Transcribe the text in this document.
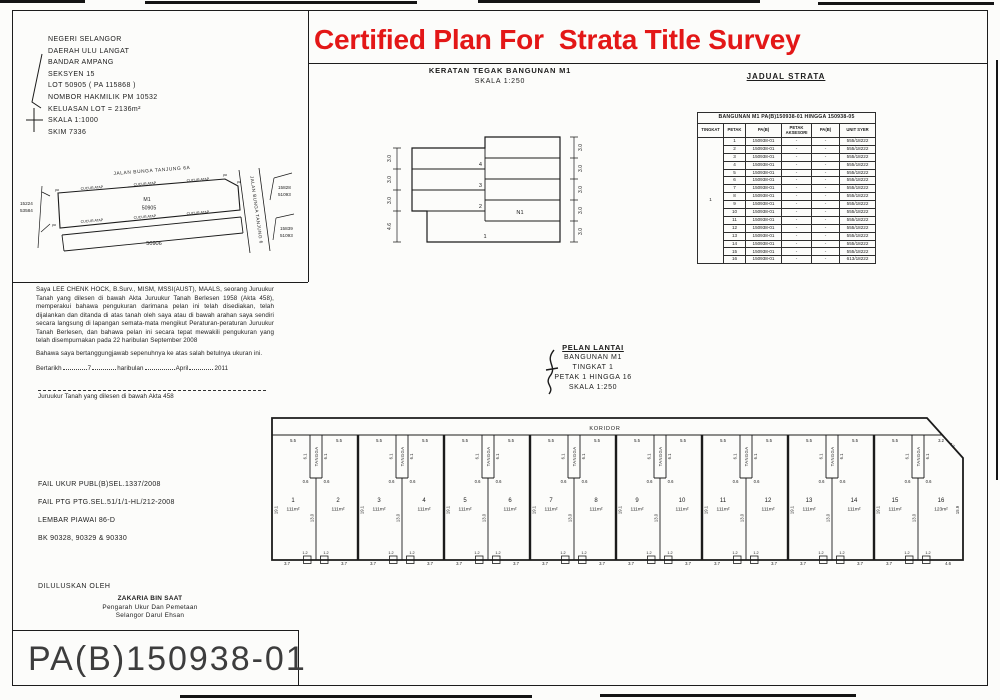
NEGERI SELANGOR
DAERAH ULU LANGAT
BANDAR AMPANG
SEKSYEN 15
LOT 50905 ( PA 115868 )
NOMBOR HAKMILIK PM 10532
KELUASAN LOT = 2136m²
SKALA 1:1000
SKIM 7336
Certified Plan For  Strata Title Survey
JALAN BUNGA TANJUNG 6A
JALAN BUNGA TANJUNG 6
CUCUR ATAP
CUCUR ATAP
CUCUR ATAP
CUCUR ATAP
CUCUR ATAP
CUCUR ATAP
M1
50905
50906
15224
53584
15828
51093
15839
51093
pa
pa
pa
pa
KERATAN TEGAK BANGUNAN M1
SKALA 1:250
3.0
3.0
3.0
4.6
3.0
3.0
3.0
3.0
3.0
4
3
2
1
N1
JADUAL STRATA
BANGUNAN M1 PA(B)150938-01 HINGGA 150938-05					
TINGKAT	PETAK	PA(B)	PETAK AKSESORI	PA(B)	UNIT SYER
1	1	150938-01	-	-	555/18222
	2	150938-01	-	-	555/18222
	3	150938-01	-	-	555/18222
	4	150938-01	-	-	555/18222
	5	150938-01	-	-	555/18222
	6	150938-01	-	-	555/18222
	7	150938-01	-	-	555/18222
	8	150938-01	-	-	555/18222
	9	150938-01	-	-	555/18222
	10	150938-01	-	-	555/18222
	11	150938-01	-	-	555/18222
	12	150938-01	-	-	555/18222
	13	150938-01	-	-	555/18222
	14	150938-01	-	-	555/18222
	15	150938-01	-	-	555/18222
	16	150938-01	-	-	613/18222
Saya LEE CHENK HOCK, B.Surv., MISM, MSSI(AUST), MAALS, seorang Juruukur Tanah yang dilesen di bawah Akta Juruukur Tanah Berlesen 1958 (Akta 458), memperakui bahawa pengukuran darimana pelan ini telah disediakan, telah dijalankan dan ditanda di atas tanah oleh saya atau di bawah arahan saya sendiri secara langsung di lapangan semata-mata mengikut Peraturan-peraturan Juruukur Tanah Berlesen, dan bahawa pelan ini secara tepat mewakili pengukuran yang telah disempurnakan pada 22 haribulan September 2008
Bahawa saya bertanggungjawab sepenuhnya ke atas salah betulnya ukuran ini.
Bertarikh	7	haribulan	April	2011
Juruukur Tanah yang dilesen di bawah Akta 458
PELAN LANTAI
BANGUNAN M1
TINGKAT 1
PETAK 1 HINGGA 16
SKALA 1:250
KORIDOR
TANGGA
6.1	6.1
0.6	0.6
13.0
5.5	5.5
19.1
1
111m²
2
111m²
1.2	1.2
3.7	3.7
TANGGA
6.1	6.1
0.6	0.6
13.0
5.5	5.5
19.1
3
111m²
4
111m²
1.2	1.2
3.7	3.7
TANGGA
6.1	6.1
0.6	0.6
13.0
5.5	5.5
19.1
5
111m²
6
111m²
1.2	1.2
3.7	3.7
TANGGA
6.1	6.1
0.6	0.6
13.0
5.5	5.5
19.1
7
111m²
8
111m²
1.2	1.2
3.7	3.7
TANGGA
6.1	6.1
0.6	0.6
13.0
5.5	5.5
19.1
9
111m²
10
111m²
1.2	1.2
3.7	3.7
TANGGA
6.1	6.1
0.6	0.6
13.0
5.5	5.5
19.1
11
111m²
12
111m²
1.2	1.2
3.7	3.7
TANGGA
6.1	6.1
0.6	0.6
13.0
5.5	5.5
19.1
13
111m²
14
111m²
1.2	1.2
3.7	3.7
TANGGA
6.1	6.1
0.6	0.6
13.0
5.5	3.2
19.1
15
111m²
16
123m²
1.2	1.2
3.7	4.6
4.3
15.9
FAIL UKUR PUBL(B)SEL.1337/2008
FAIL PTG PTG.SEL.51/1/1-HL/212-2008
LEMBAR PIAWAI 86-D
BK 90328, 90329 & 90330
DILULUSKAN OLEH
ZAKARIA BIN SAAT
Pengarah Ukur Dan Pemetaan
Selangor Darul Ehsan
PA(B)150938-01
